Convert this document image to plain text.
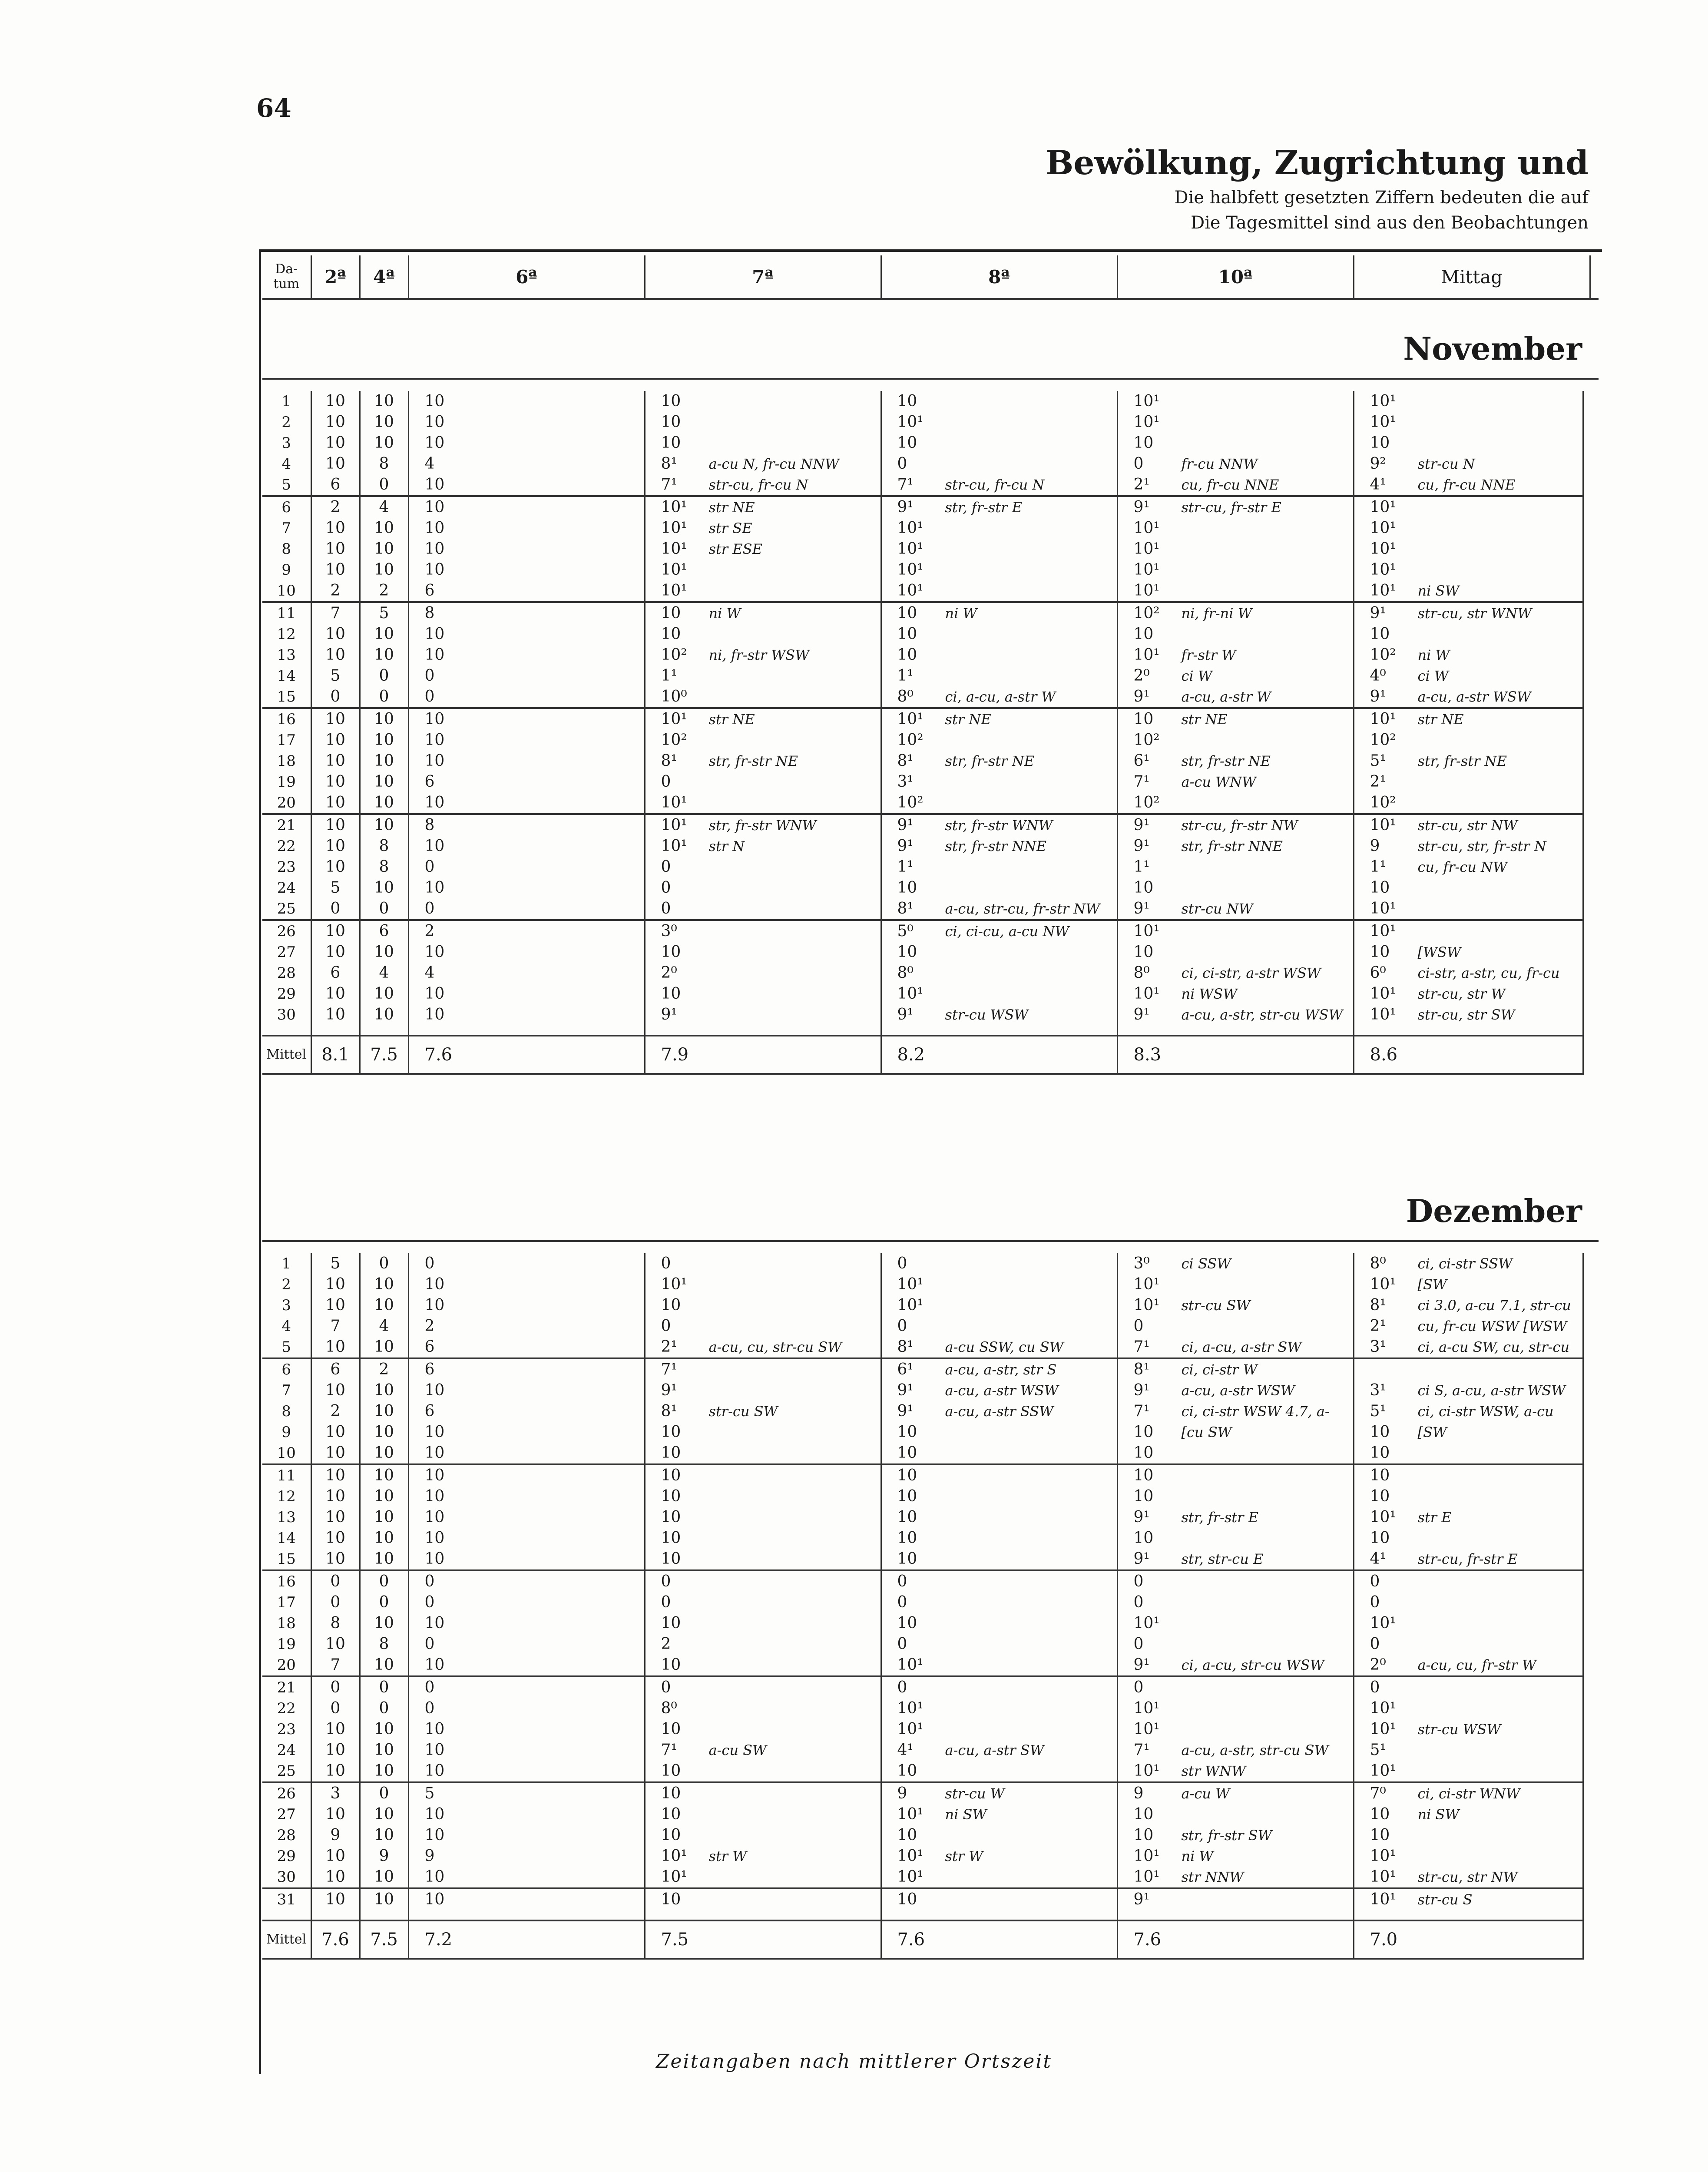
64
Bewölkung, Zugrichtung und
Die halbfett gesetzten Ziffern bedeuten die auf
Die Tagesmittel sind aus den Beobachtungen
Da-tum	2ª	4ª	6ª	7ª	8ª	10ª	Mittag
November
1	10	10	10	10	10	10¹	10¹
2	10	10	10	10	10¹	10¹	10¹
3	10	10	10	10	10	10	10
4	10	8	4	8¹ a-cu N, fr-cu NNW	0	0 fr-cu NNW	9² str-cu N
5	6	0	10	7¹ str-cu, fr-cu N	7¹ str-cu, fr-cu N	2¹ cu, fr-cu NNE	4¹ cu, fr-cu NNE
6	2	4	10	10¹ str NE	9¹ str, fr-str E	9¹ str-cu, fr-str E	10¹
7	10	10	10	10¹ str SE	10¹	10¹	10¹
8	10	10	10	10¹ str ESE	10¹	10¹	10¹
9	10	10	10	10¹	10¹	10¹	10¹
10	2	2	6	10¹	10¹	10¹	10¹ ni SW
11	7	5	8	10 ni W	10 ni W	10² ni, fr-ni W	9¹ str-cu, str WNW
12	10	10	10	10	10	10	10
13	10	10	10	10² ni, fr-str WSW	10	10¹ fr-str W	10² ni W
14	5	0	0	1¹	1¹	2⁰ ci W	4⁰ ci W
15	0	0	0	10⁰	8⁰ ci, a-cu, a-str W	9¹ a-cu, a-str W	9¹ a-cu, a-str WSW
16	10	10	10	10¹ str NE	10¹ str NE	10 str NE	10¹ str NE
17	10	10	10	10²	10²	10²	10²
18	10	10	10	8¹ str, fr-str NE	8¹ str, fr-str NE	6¹ str, fr-str NE	5¹ str, fr-str NE
19	10	10	6	0	3¹	7¹ a-cu WNW	2¹
20	10	10	10	10¹	10²	10²	10²
21	10	10	8	10¹ str, fr-str WNW	9¹ str, fr-str WNW	9¹ str-cu, fr-str NW	10¹ str-cu, str NW
22	10	8	10	10¹ str N	9¹ str, fr-str NNE	9¹ str, fr-str NNE	9 str-cu, str, fr-str N
23	10	8	0	0	1¹	1¹	1¹ cu, fr-cu NW
24	5	10	10	0	10	10	10
25	0	0	0	0	8¹ a-cu, str-cu, fr-str NW	9¹ str-cu NW	10¹
26	10	6	2	3⁰	5⁰ ci, ci-cu, a-cu NW	10¹	10¹
27	10	10	10	10	10	10	10 [WSW
28	6	4	4	2⁰	8⁰	8⁰ ci, ci-str, a-str WSW	6⁰ ci-str, a-str, cu, fr-cu
29	10	10	10	10	10¹	10¹ ni WSW	10¹ str-cu, str W
30	10	10	10	9¹	9¹ str-cu WSW	9¹ a-cu, a-str, str-cu WSW	10¹ str-cu, str SW

Mittel	8.1	7.5	7.6	7.9	8.2	8.3	8.6
Dezember
1	5	0	0	0	0	3⁰ ci SSW	8⁰ ci, ci-str SSW
2	10	10	10	10¹	10¹	10¹	10¹ [SW
3	10	10	10	10	10¹	10¹ str-cu SW	8¹ ci 3.0, a-cu 7.1, str-cu
4	7	4	2	0	0	0	2¹ cu, fr-cu WSW [WSW
5	10	10	6	2¹ a-cu, cu, str-cu SW	8¹ a-cu SSW, cu SW	7¹ ci, a-cu, a-str SW	3¹ ci, a-cu SW, cu, str-cu
6	6	2	6	7¹	6¹ a-cu, a-str, str S	8¹ ci, ci-str W	
7	10	10	10	9¹	9¹ a-cu, a-str WSW	9¹ a-cu, a-str WSW	3¹ ci S, a-cu, a-str WSW
8	2	10	6	8¹ str-cu SW	9¹ a-cu, a-str SSW	7¹ ci, ci-str WSW 4.7, a-	5¹ ci, ci-str WSW, a-cu
9	10	10	10	10	10	10 [cu SW	10 [SW
10	10	10	10	10	10	10	10
11	10	10	10	10	10	10	10
12	10	10	10	10	10	10	10
13	10	10	10	10	10	9¹ str, fr-str E	10¹ str E
14	10	10	10	10	10	10	10
15	10	10	10	10	10	9¹ str, str-cu E	4¹ str-cu, fr-str E
16	0	0	0	0	0	0	0
17	0	0	0	0	0	0	0
18	8	10	10	10	10	10¹	10¹
19	10	8	0	2	0	0	0
20	7	10	10	10	10¹	9¹ ci, a-cu, str-cu WSW	2⁰ a-cu, cu, fr-str W
21	0	0	0	0	0	0	0
22	0	0	0	8⁰	10¹	10¹	10¹
23	10	10	10	10	10¹	10¹	10¹ str-cu WSW
24	10	10	10	7¹ a-cu SW	4¹ a-cu, a-str SW	7¹ a-cu, a-str, str-cu SW	5¹
25	10	10	10	10	10	10¹ str WNW	10¹
26	3	0	5	10	9 str-cu W	9 a-cu W	7⁰ ci, ci-str WNW
27	10	10	10	10	10¹ ni SW	10	10 ni SW
28	9	10	10	10	10	10 str, fr-str SW	10
29	10	9	9	10¹ str W	10¹ str W	10¹ ni W	10¹
30	10	10	10	10¹	10¹	10¹ str NNW	10¹ str-cu, str NW
31	10	10	10	10	10	9¹	10¹ str-cu S

Mittel	7.6	7.5	7.2	7.5	7.6	7.6	7.0
Zeitangaben nach mittlerer Ortszeit
